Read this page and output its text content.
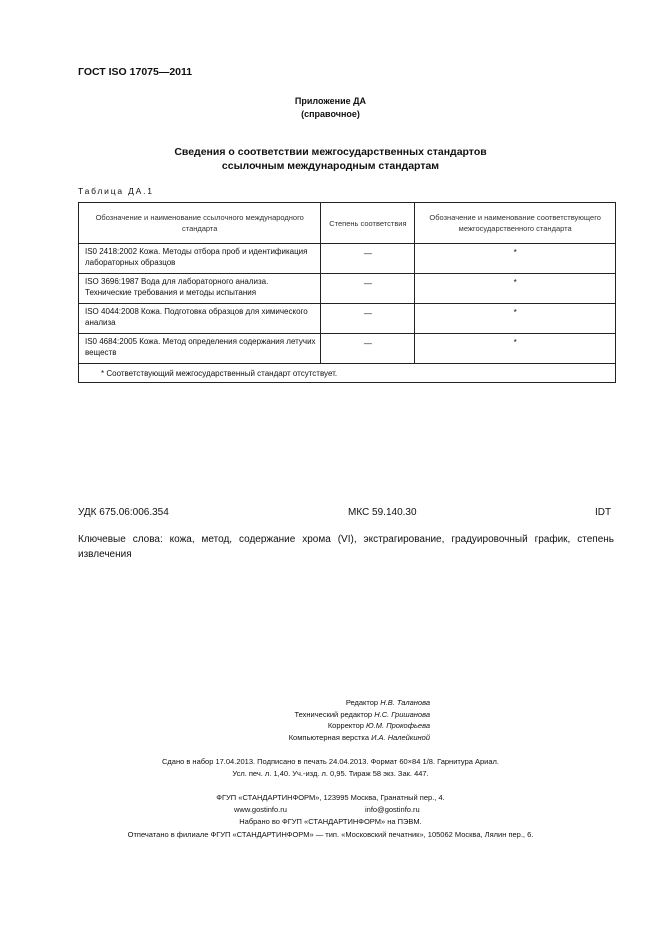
ГОСТ ISO 17075—2011
Приложение ДА
(справочное)
Сведения о соответствии межгосударственных стандартов
ссылочным международным стандартам
Таблица ДА.1
Обозначение и наименование ссылочного международного стандарта	Степень соответствия	Обозначение и наименование соответствующего межгосударственного стандарта
IS0 2418:2002 Кожа. Методы отбора проб и идентификация лабораторных образцов	—	*
ISO 3696:1987 Вода для лабораторного анализа. Технические требования и методы испытания	—	*
ISO 4044:2008 Кожа. Подготовка образцов для химического анализа	—	*
IS0 4684:2005 Кожа. Метод определения содержания летучих веществ	—	*
* Соответствующий межгосударственный стандарт отсутствует.		
УДК 675.06:006.354	МКС 59.140.30	IDT
Ключевые слова: кожа, метод, содержание хрома (VI), экстрагирование, градуировочный график, степень извлечения
Редактор Н.В. Таланова
Технический редактор Н.С. Гришанова
Корректор Ю.М. Прокофьева
Компьютерная верстка И.А. Налейкиной
Сдано в набор 17.04.2013. Подписано в печать 24.04.2013. Формат 60×84 1/8. Гарнитура Ариал.
Усл. печ. л. 1,40. Уч.-изд. л. 0,95. Тираж 58 экз. Зак. 447.
ФГУП «СТАНДАРТИНФОРМ», 123995 Москва, Гранатный пер., 4.
www.gostinfo.ru	info@gostinfo.ru
Набрано во ФГУП «СТАНДАРТИНФОРМ» на ПЭВМ.
Отпечатано в филиале ФГУП «СТАНДАРТИНФОРМ» — тип. «Московский печатник», 105062 Москва, Лялин пер., 6.
